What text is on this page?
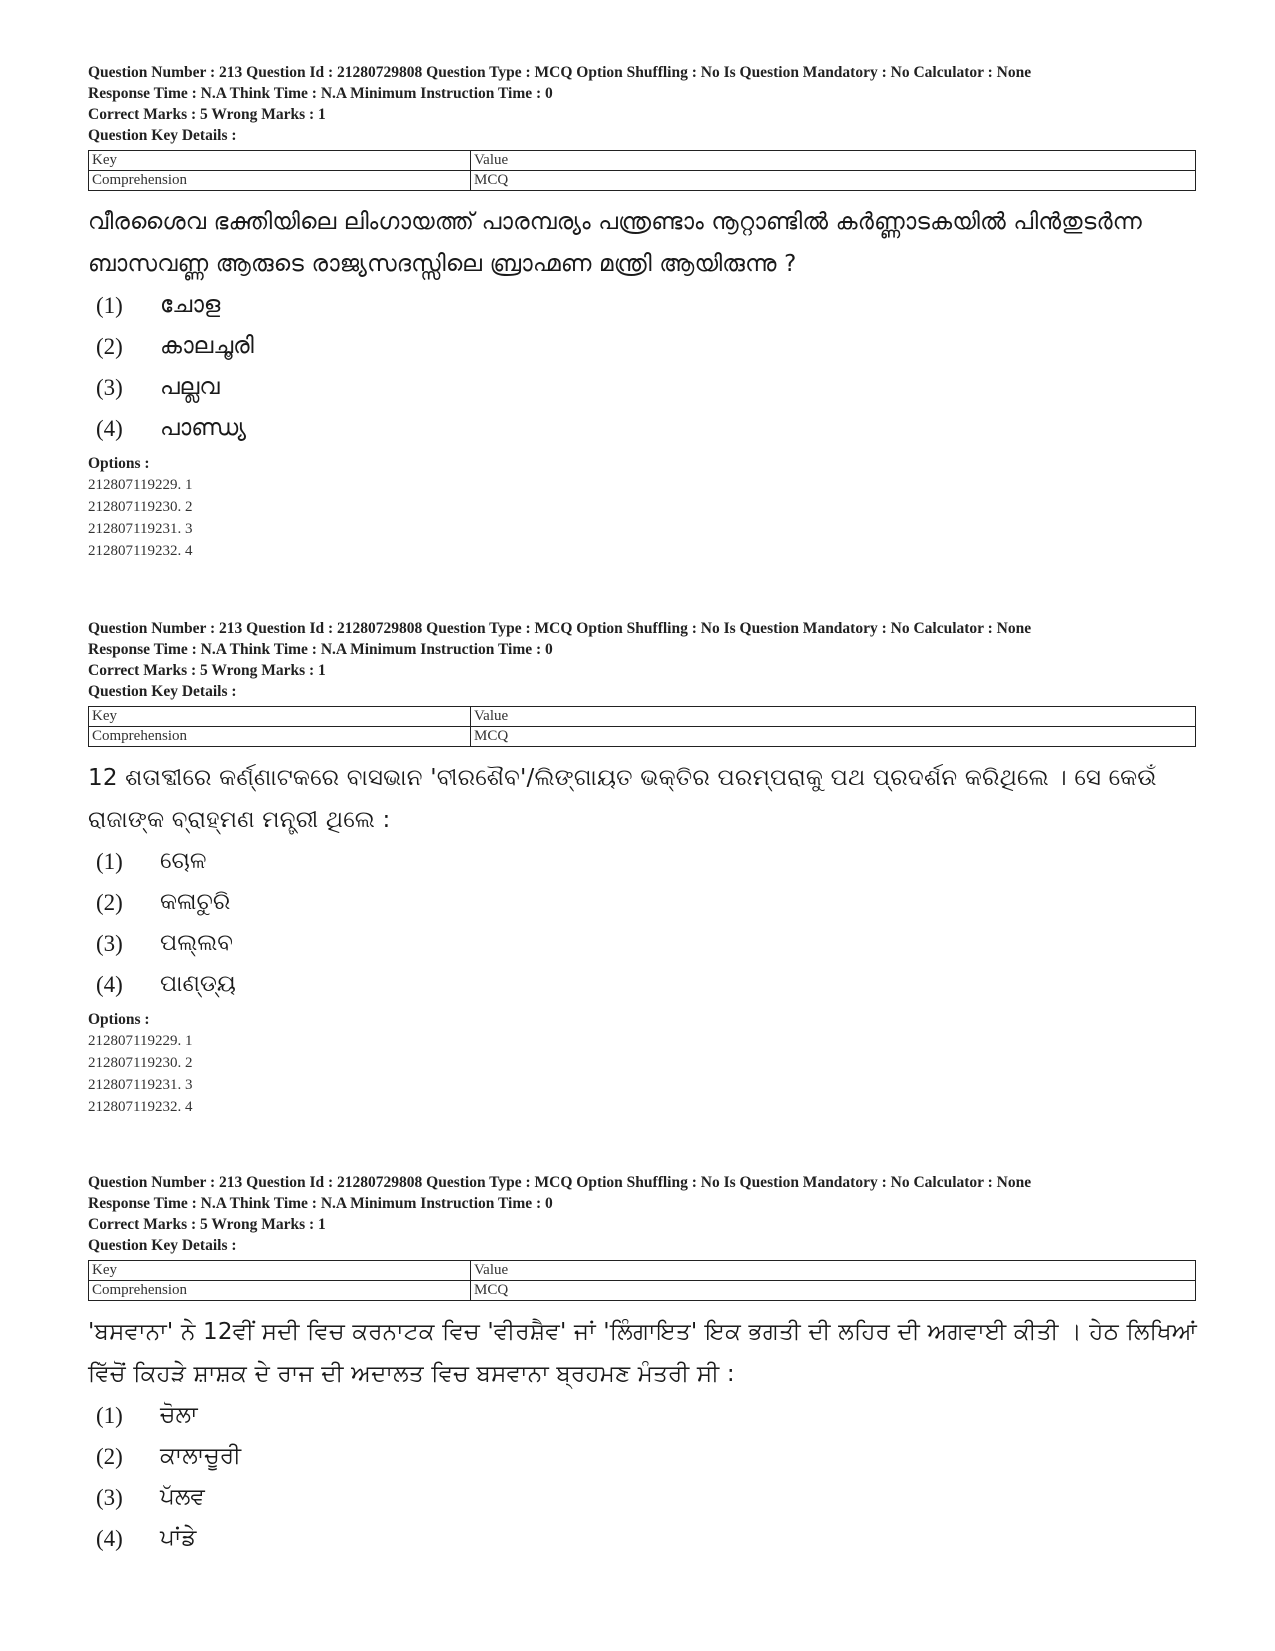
Question Number : 213 Question Id : 21280729808 Question Type : MCQ Option Shuffling : No Is Question Mandatory : No Calculator : None
Response Time : N.A Think Time : N.A Minimum Instruction Time : 0
Correct Marks : 5 Wrong Marks : 1
Question Key Details :
Key	Value
Comprehension	MCQ
വീരശൈവ ഭക്തിയിലെ ലിംഗായത്ത് പാരമ്പര്യം പന്ത്രണ്ടാം നൂറ്റാണ്ടിൽ കർണ്ണാടകയിൽ പിൻതുടർന്ന ബാസവണ്ണ ആരുടെ രാജ്യസദസ്സിലെ ബ്രാഹ്മണ മന്ത്രി ആയിരുന്നു ?
(1) ചോള
(2) കാലചൂരി
(3) പല്ലവ
(4) പാണ്ഡ്യ
Options :
212807119229. 1
212807119230. 2
212807119231. 3
212807119232. 4
Question Number : 213 Question Id : 21280729808 Question Type : MCQ Option Shuffling : No Is Question Mandatory : No Calculator : None
Response Time : N.A Think Time : N.A Minimum Instruction Time : 0
Correct Marks : 5 Wrong Marks : 1
Question Key Details :
Key	Value
Comprehension	MCQ
12 ଶତାବ୍ଦୀରେ କର୍ଣ୍ଣାଟକରେ ବାସଭାନ 'ବୀରଶୈବ'/ଲିଙ୍ଗାୟତ ଭକ୍ତିର ପରମ୍ପରାକୁ ପଥ ପ୍ରଦର୍ଶନ କରିଥିଲେ । ସେ କେଉଁ ରାଜାଙ୍କ ବ୍ରାହ୍ମଣ ମନ୍ତ୍ରୀ ଥିଲେ :
(1) ଚୋଳ
(2) କଳାଚୁରି
(3) ପଲ୍ଲବ
(4) ପାଣ୍ଡ୍ୟ
Options :
212807119229. 1
212807119230. 2
212807119231. 3
212807119232. 4
Question Number : 213 Question Id : 21280729808 Question Type : MCQ Option Shuffling : No Is Question Mandatory : No Calculator : None
Response Time : N.A Think Time : N.A Minimum Instruction Time : 0
Correct Marks : 5 Wrong Marks : 1
Question Key Details :
Key	Value
Comprehension	MCQ
'ਬਸਵਾਨਾ' ਨੇ 12ਵੀਂ ਸਦੀ ਵਿਚ ਕਰਨਾਟਕ ਵਿਚ 'ਵੀਰਸ਼ੈਵ' ਜਾਂ 'ਲਿੰਗਾਇਤ' ਇਕ ਭਗਤੀ ਦੀ ਲਹਿਰ ਦੀ ਅਗਵਾਈ ਕੀਤੀ । ਹੇਠ ਲਿਖਿਆਂ ਵਿੱਚੋਂ ਕਿਹੜੇ ਸ਼ਾਸ਼ਕ ਦੇ ਰਾਜ ਦੀ ਅਦਾਲਤ ਵਿਚ ਬਸਵਾਨਾ ਬ੍ਰਹਮਣ ਮੰਤਰੀ ਸੀ :
(1) ਚੋਲਾ
(2) ਕਾਲਾਚੂਰੀ
(3) ਪੱਲਵ
(4) ਪਾਂਡੇ
